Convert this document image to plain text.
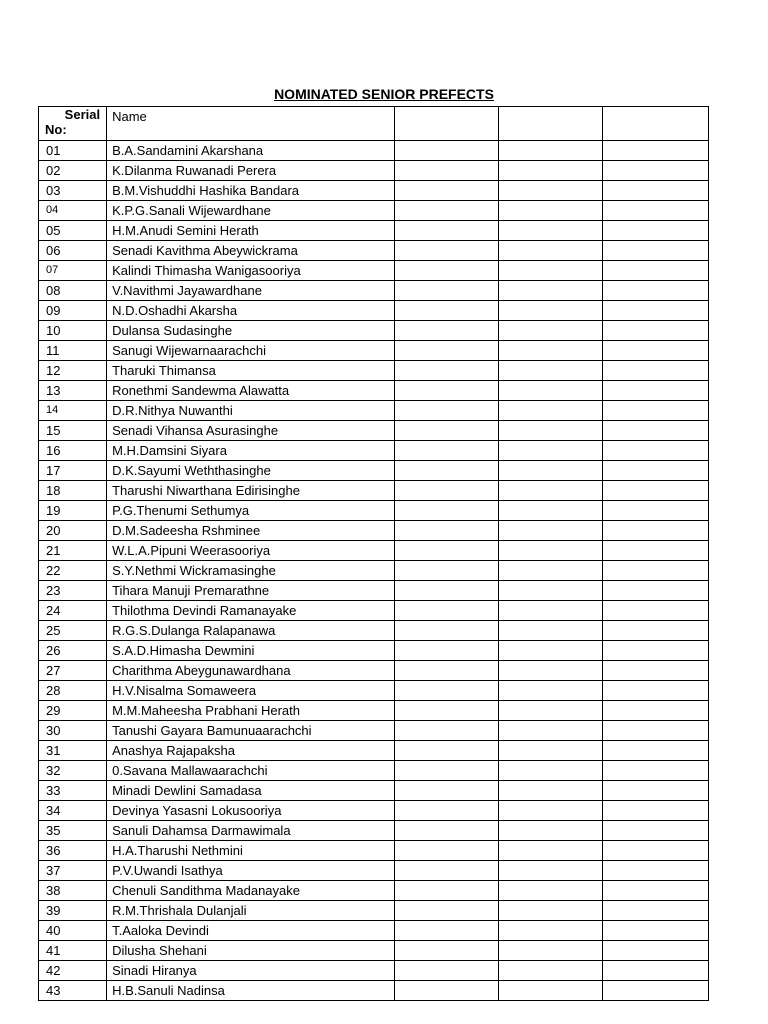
NOMINATED SENIOR PREFECTS
Serial
No:	Name			
01	B.A.Sandamini Akarshana			
02	K.Dilanma Ruwanadi Perera			
03	B.M.Vishuddhi Hashika Bandara			
04	K.P.G.Sanali Wijewardhane			
05	H.M.Anudi Semini Herath			
06	Senadi Kavithma Abeywickrama			
07	Kalindi Thimasha Wanigasooriya			
08	V.Navithmi Jayawardhane			
09	N.D.Oshadhi Akarsha			
10	Dulansa Sudasinghe			
11	Sanugi Wijewarnaarachchi			
12	Tharuki Thimansa			
13	Ronethmi Sandewma Alawatta			
14	D.R.Nithya Nuwanthi			
15	Senadi Vihansa Asurasinghe			
16	M.H.Damsini Siyara			
17	D.K.Sayumi Weththasinghe			
18	Tharushi Niwarthana Edirisinghe			
19	P.G.Thenumi Sethumya			
20	D.M.Sadeesha Rshminee			
21	W.L.A.Pipuni Weerasooriya			
22	S.Y.Nethmi Wickramasinghe			
23	Tihara Manuji Premarathne			
24	Thilothma Devindi Ramanayake			
25	R.G.S.Dulanga Ralapanawa			
26	S.A.D.Himasha Dewmini			
27	Charithma Abeygunawardhana			
28	H.V.Nisalma Somaweera			
29	M.M.Maheesha Prabhani Herath			
30	Tanushi Gayara Bamunuaarachchi			
31	Anashya Rajapaksha			
32	0.Savana Mallawaarachchi			
33	Minadi Dewlini Samadasa			
34	Devinya Yasasni Lokusooriya			
35	Sanuli Dahamsa Darmawimala			
36	H.A.Tharushi Nethmini			
37	P.V.Uwandi Isathya			
38	Chenuli Sandithma Madanayake			
39	R.M.Thrishala Dulanjali			
40	T.Aaloka Devindi			
41	Dilusha Shehani			
42	Sinadi Hiranya			
43	H.B.Sanuli Nadinsa			
